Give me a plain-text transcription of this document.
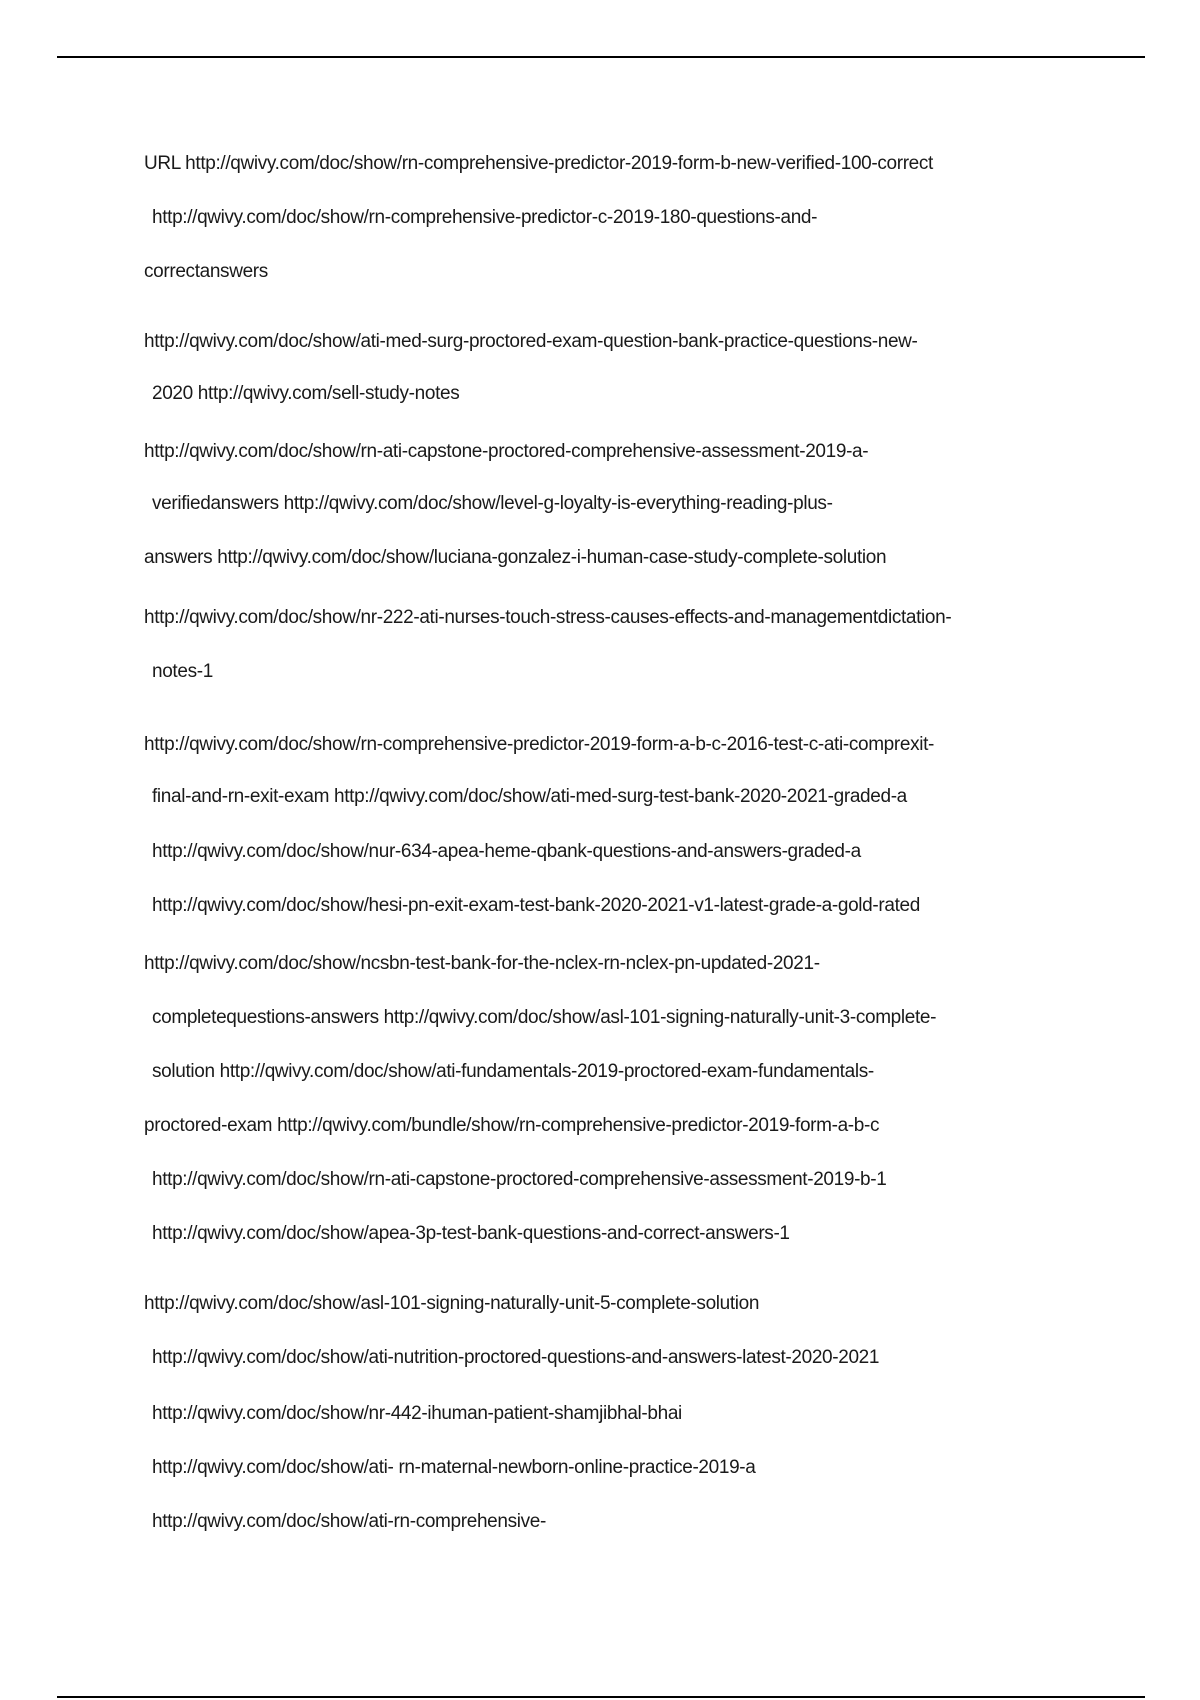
URL http://qwivy.com/doc/show/rn-comprehensive-predictor-2019-form-b-new-verified-100-correct
http://qwivy.com/doc/show/rn-comprehensive-predictor-c-2019-180-questions-and-
correctanswers
http://qwivy.com/doc/show/ati-med-surg-proctored-exam-question-bank-practice-questions-new-
2020 http://qwivy.com/sell-study-notes
http://qwivy.com/doc/show/rn-ati-capstone-proctored-comprehensive-assessment-2019-a-
verifiedanswers http://qwivy.com/doc/show/level-g-loyalty-is-everything-reading-plus-
answers http://qwivy.com/doc/show/luciana-gonzalez-i-human-case-study-complete-solution
http://qwivy.com/doc/show/nr-222-ati-nurses-touch-stress-causes-effects-and-managementdictation-
notes-1
http://qwivy.com/doc/show/rn-comprehensive-predictor-2019-form-a-b-c-2016-test-c-ati-comprexit-
final-and-rn-exit-exam http://qwivy.com/doc/show/ati-med-surg-test-bank-2020-2021-graded-a
http://qwivy.com/doc/show/nur-634-apea-heme-qbank-questions-and-answers-graded-a
http://qwivy.com/doc/show/hesi-pn-exit-exam-test-bank-2020-2021-v1-latest-grade-a-gold-rated
http://qwivy.com/doc/show/ncsbn-test-bank-for-the-nclex-rn-nclex-pn-updated-2021-
completequestions-answers http://qwivy.com/doc/show/asl-101-signing-naturally-unit-3-complete-
solution http://qwivy.com/doc/show/ati-fundamentals-2019-proctored-exam-fundamentals-
proctored-exam http://qwivy.com/bundle/show/rn-comprehensive-predictor-2019-form-a-b-c
http://qwivy.com/doc/show/rn-ati-capstone-proctored-comprehensive-assessment-2019-b-1
http://qwivy.com/doc/show/apea-3p-test-bank-questions-and-correct-answers-1
http://qwivy.com/doc/show/asl-101-signing-naturally-unit-5-complete-solution
http://qwivy.com/doc/show/ati-nutrition-proctored-questions-and-answers-latest-2020-2021
http://qwivy.com/doc/show/nr-442-ihuman-patient-shamjibhal-bhai
http://qwivy.com/doc/show/ati- rn-maternal-newborn-online-practice-2019-a
http://qwivy.com/doc/show/ati-rn-comprehensive-
